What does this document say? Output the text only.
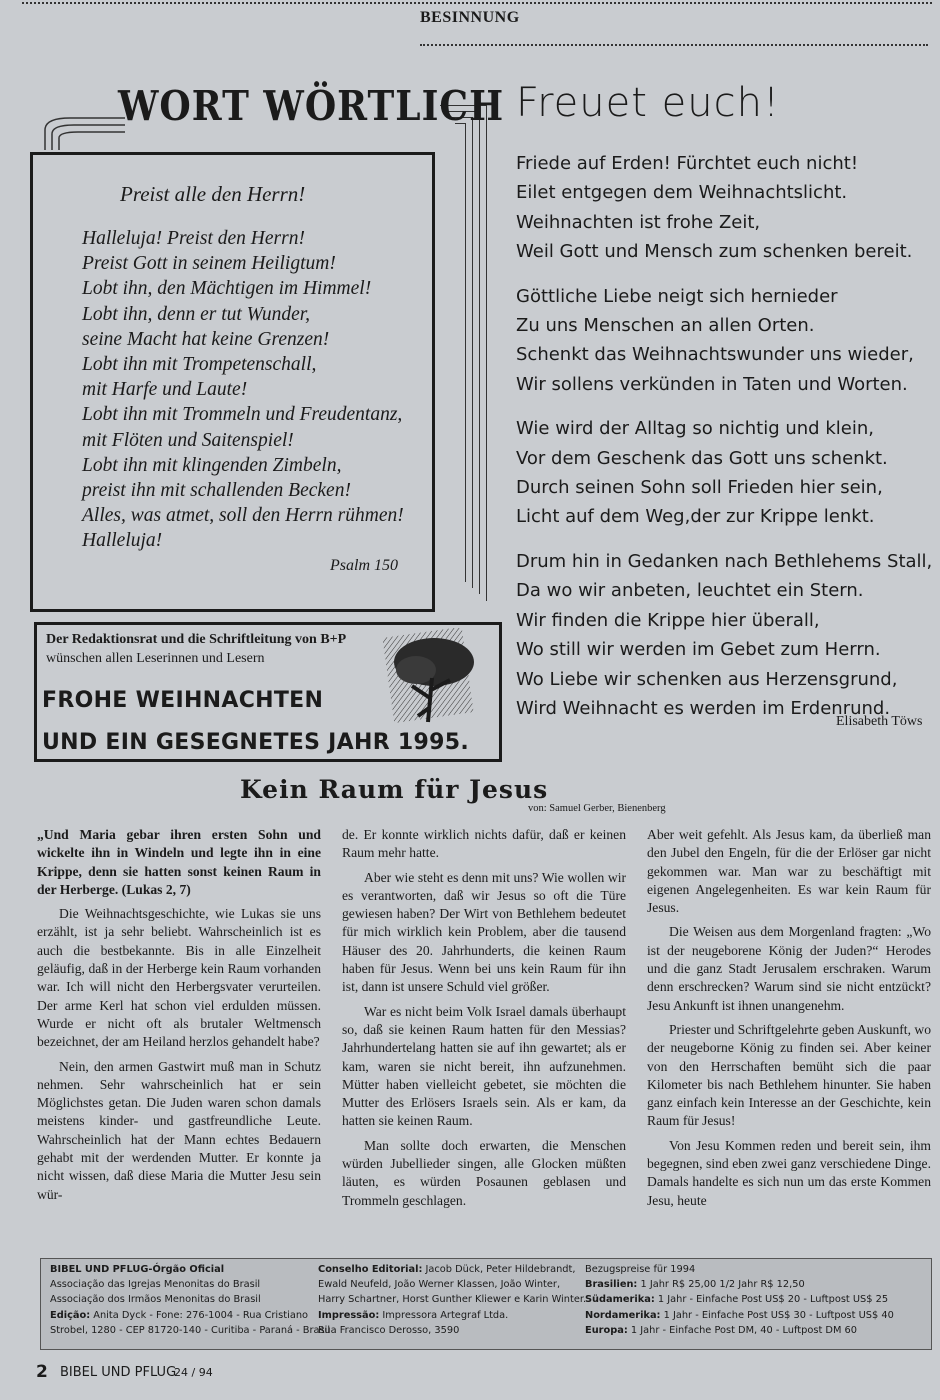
BESINNUNG
WORT WÖRTLICH
Preist alle den Herrn!
Halleluja! Preist den Herrn!
Preist Gott in seinem Heiligtum!
Lobt ihn, den Mächtigen im Himmel!
Lobt ihn, denn er tut Wunder,
seine Macht hat keine Grenzen!
Lobt ihn mit Trompetenschall,
mit Harfe und Laute!
Lobt ihn mit Trommeln und Freudentanz,
mit Flöten und Saitenspiel!
Lobt ihn mit klingenden Zimbeln,
preist ihn mit schallenden Becken!
Alles, was atmet, soll den Herrn rühmen!
Halleluja!
Psalm 150
Der Redaktionsrat und die Schriftleitung von B+P
wünschen allen Leserinnen und Lesern
FROHE WEIHNACHTEN
UND EIN GESEGNETES JAHR 1995.
Freuet euch!
Friede auf Erden! Fürchtet euch nicht!
Eilet entgegen dem Weihnachtslicht.
Weihnachten ist frohe Zeit,
Weil Gott und Mensch zum schenken bereit.
Göttliche Liebe neigt sich hernieder
Zu uns Menschen an allen Orten.
Schenkt das Weihnachtswunder uns wieder,
Wir sollens verkünden in Taten und Worten.
Wie wird der Alltag so nichtig und klein,
Vor dem Geschenk das Gott uns schenkt.
Durch seinen Sohn soll Frieden hier sein,
Licht auf dem Weg,der zur Krippe lenkt.
Drum hin in Gedanken nach Bethlehems Stall,
Da wo wir anbeten, leuchtet ein Stern.
Wir finden die Krippe hier überall,
Wo still wir werden im Gebet zum Herrn.
Wo Liebe wir schenken aus Herzensgrund,
Wird Weihnacht es werden im Erdenrund.
Elisabeth Töws
Kein Raum für Jesus
von: Samuel Gerber, Bienenberg

„Und Maria gebar ihren ersten Sohn und wickelte ihn in Windeln und legte ihn in eine Krippe, denn sie hatten sonst keinen Raum in der Herberge. (Lukas 2, 7)

Die Weihnachtsgeschichte, wie Lukas sie uns erzählt, ist ja sehr beliebt. Wahrscheinlich ist es auch die bestbekannte. Bis in alle Einzelheit geläufig, daß in der Herberge kein Raum vorhanden war. Ich will nicht den Herbergsvater verurteilen. Der arme Kerl hat schon viel erdulden müssen. Wurde er nicht oft als brutaler Weltmensch bezeichnet, der am Heiland herzlos gehandelt habe?

Nein, den armen Gastwirt muß man in Schutz nehmen. Sehr wahrscheinlich hat er sein Möglichstes getan. Die Juden waren schon damals meistens kinder- und gastfreundliche Leute. Wahrscheinlich hat der Mann echtes Bedauern gehabt mit der werdenden Mutter. Er konnte ja nicht wissen, daß diese Maria die Mutter Jesu sein wür-

de. Er konnte wirklich nichts dafür, daß er keinen Raum mehr hatte.

Aber wie steht es denn mit uns? Wie wollen wir es verantworten, daß wir Jesus so oft die Türe gewiesen haben? Der Wirt von Bethlehem bedeutet für mich wirklich kein Problem, aber die tausend Häuser des 20. Jahrhunderts, die keinen Raum haben für Jesus. Wenn bei uns kein Raum für ihn ist, dann ist unsere Schuld viel größer.

War es nicht beim Volk Israel damals überhaupt so, daß sie keinen Raum hatten für den Messias? Jahrhundertelang hatten sie auf ihn gewartet; als er kam, waren sie nicht bereit, ihn aufzunehmen. Mütter haben vielleicht gebetet, sie möchten die Mutter des Erlösers Israels sein. Als er kam, da hatten sie keinen Raum.

Man sollte doch erwarten, die Menschen würden Jubellieder singen, alle Glocken müßten läuten, es würden Posaunen geblasen und Trommeln geschlagen.

Aber weit gefehlt. Als Jesus kam, da überließ man den Jubel den Engeln, für die der Erlöser gar nicht gekommen war. Man war zu beschäftigt mit eigenen Angelegenheiten. Es war kein Raum für Jesus.

Die Weisen aus dem Morgenland fragten: „Wo ist der neugeborene König der Juden?“ Herodes und die ganz Stadt Jerusalem erschraken. Warum denn erschrecken? Warum sind sie nicht entzückt? Jesu Ankunft ist ihnen unangenehm.

Priester und Schriftgelehrte geben Auskunft, wo der neugeborne König zu finden sei. Aber keiner von den Herrschaften bemüht sich die paar Kilometer bis nach Bethlehem hinunter. Sie haben ganz einfach kein Interesse an der Geschichte, kein Raum für Jesus!

Von Jesu Kommen reden und bereit sein, ihm begegnen, sind eben zwei ganz verschiedene Dinge. Damals handelte es sich nun um das erste Kommen Jesu, heute

BIBEL UND PFLUG-Órgão Oficial
Associação das Igrejas Menonitas do Brasil
Associação dos Irmãos Menonitas do Brasil
Edição: Anita Dyck - Fone: 276-1004 - Rua Cristiano
Strobel, 1280 - CEP 81720-140 - Curitiba - Paraná - Brasil
Conselho Editorial: Jacob Dück, Peter Hildebrandt,
Ewald Neufeld, João Werner Klassen, João Winter,
Harry Schartner, Horst Gunther Kliewer e Karin Winter.
Impressão: Impressora Artegraf Ltda.
Rua Francisco Derosso, 3590
Bezugspreise für 1994
Brasilien: 1 Jahr R$ 25,00 1/2 Jahr R$ 12,50
Südamerika: 1 Jahr - Einfache Post US$ 20 - Luftpost US$ 25
Nordamerika: 1 Jahr - Einfache Post US$ 30 - Luftpost US$ 40
Europa: 1 Jahr - Einfache Post DM, 40 - Luftpost DM 60
2 BIBEL UND PFLUG
24 / 94
